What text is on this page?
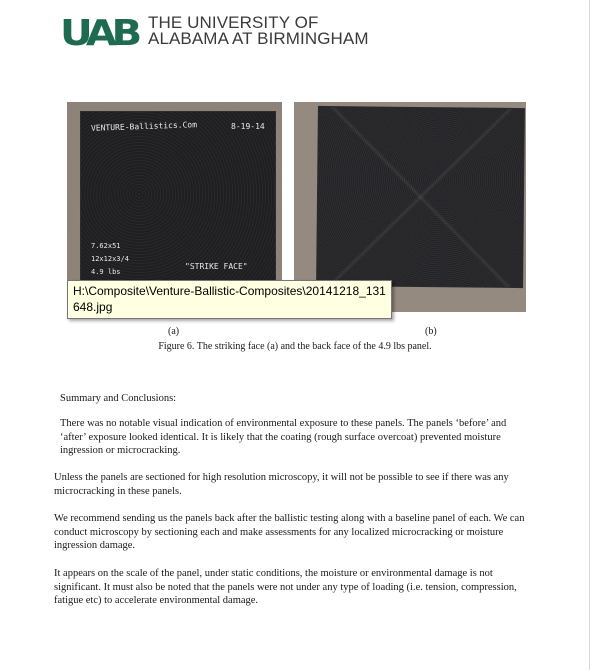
UAB THE UNIVERSITY OF
ALABAMA AT BIRMINGHAM
VENTURE-Ballistics.Com	8-19-14
7.62x51
12x12x3/4
4.9 lbs
"STRIKE FACE"
H:\Composite\Venture-Ballistic-Composites\20141218_131648.jpg
(a)	(b)
Figure 6. The striking face (a) and the back face of the 4.9 lbs panel.
Summary and Conclusions:
There was no notable visual indication of environmental exposure to these panels. The panels ‘before’ and ‘after’ exposure looked identical. It is likely that the coating (rough surface overcoat) prevented moisture ingression or microcracking.
Unless the panels are sectioned for high resolution microscopy, it will not be possible to see if there was any microcracking in these panels.
We recommend sending us the panels back after the ballistic testing along with a baseline panel of each. We can conduct microscopy by sectioning each and make assessments for any localized microcracking or moisture ingression damage.
It appears on the scale of the panel, under static conditions, the moisture or environmental damage is not significant. It must also be noted that the panels were not under any type of loading (i.e. tension, compression, fatigue etc) to accelerate environmental damage.
